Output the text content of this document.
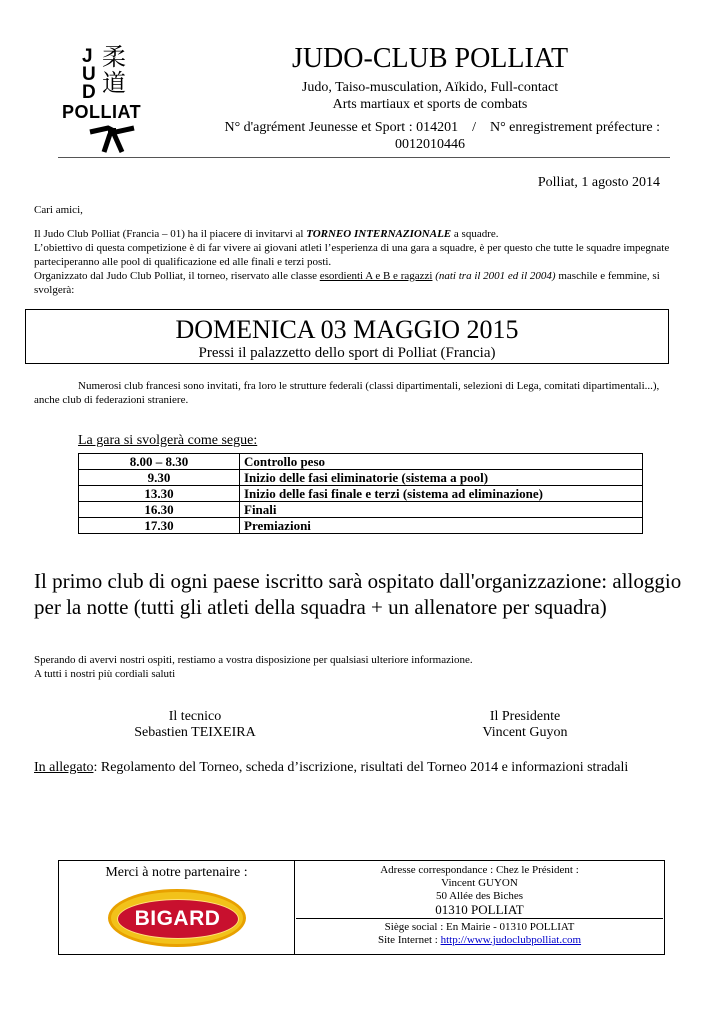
J
U
D
柔
道
POLLIAT
JUDO-CLUB POLLIAT
Judo, Taiso-musculation, Aïkido, Full-contact
Arts martiaux et sports de combats
N° d'agrément Jeunesse et Sport : 014201    /    N° enregistrement préfecture :
0012010446
Polliat, 1 agosto 2014
Cari amici,
Il Judo Club Polliat (Francia – 01) ha il piacere di invitarvi al TORNEO INTERNAZIONALE a squadre.
L’obiettivo di questa competizione è di far vivere ai giovani atleti l’esperienza di una gara a squadre, è per questo che tutte le squadre impegnate parteciperanno alle pool di qualificazione ed alle finali e terzi posti.
Organizzato dal Judo Club Polliat, il torneo, riservato alle classe esordienti A e B e ragazzi (nati tra il 2001 ed il 2004) maschile e femmine, si svolgerà:
DOMENICA 03 MAGGIO 2015
Pressi il palazzetto dello sport di Polliat (Francia)
Numerosi club francesi sono invitati, fra loro le strutture federali (classi dipartimentali, selezioni di Lega, comitati dipartimentali...), anche club di federazioni straniere.
La gara si svolgerà come segue:
8.00 – 8.30	Controllo peso
9.30	Inizio delle fasi eliminatorie (sistema a pool)
13.30	Inizio delle fasi finale e terzi (sistema ad eliminazione)
16.30	Finali
17.30	Premiazioni
Il primo club di ogni paese iscritto sarà ospitato dall'organizzazione: alloggio per la notte (tutti gli atleti della squadra + un allenatore per squadra)
Sperando di avervi nostri ospiti, restiamo a vostra disposizione per qualsiasi ulteriore informazione.
A tutti i nostri più cordiali saluti
Il tecnico
Sebastien TEIXEIRA
Il Presidente
Vincent Guyon
In allegato: Regolamento del Torneo, scheda d’iscrizione, risultati del Torneo 2014 e informazioni stradali
Merci à notre partenaire :
BIGARD

Adresse correspondance : Chez le Président :
Vincent GUYON
50 Allée des Biches
01310 POLLIAT
Siège social : En Mairie - 01310 POLLIAT
Site Internet : http://www.judoclubpolliat.com
